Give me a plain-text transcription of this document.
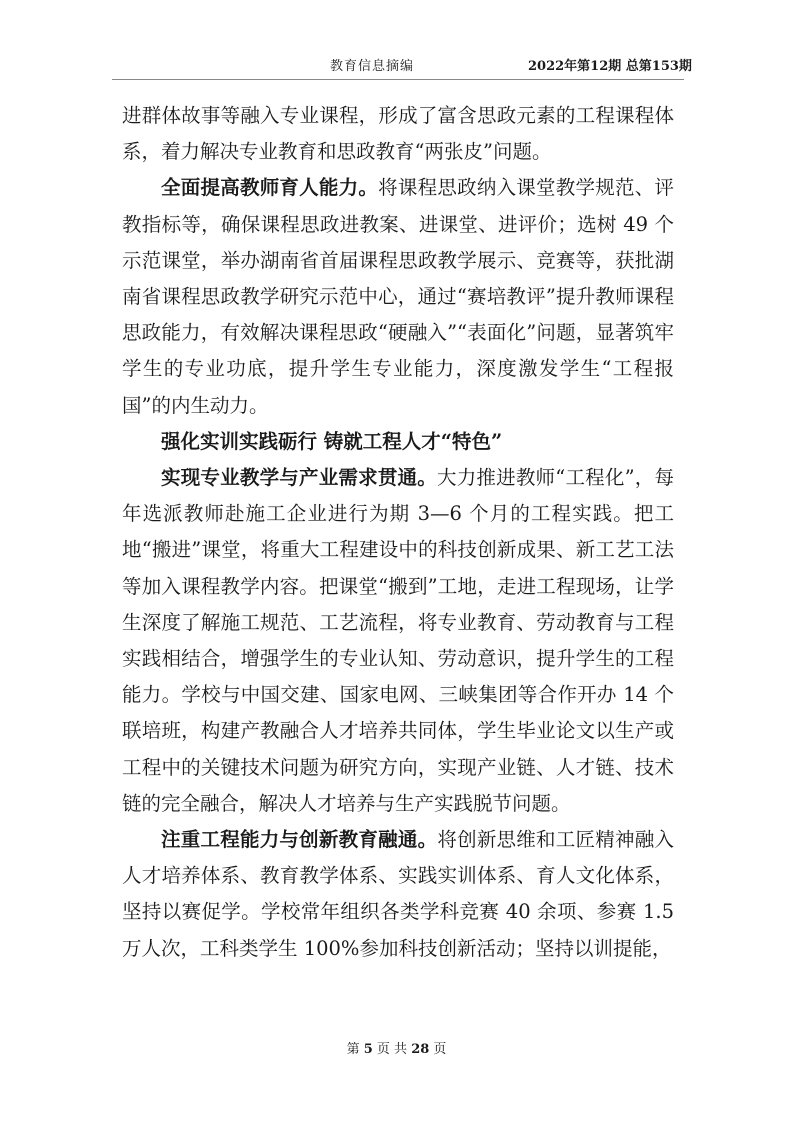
教育信息摘编	2022年第12期 总第153期

进群体故事等融入专业课程，形成了富含思政元素的工程课程体系，着力解决专业教育和思政教育“两张皮”问题。

全面提高教师育人能力。将课程思政纳入课堂教学规范、评教指标等，确保课程思政进教案、进课堂、进评价；选树 49 个示范课堂，举办湖南省首届课程思政教学展示、竞赛等，获批湖南省课程思政教学研究示范中心，通过“赛培教评”提升教师课程思政能力，有效解决课程思政“硬融入”“表面化”问题，显著筑牢学生的专业功底，提升学生专业能力，深度激发学生“工程报国”的内生动力。

强化实训实践砺行 铸就工程人才“特色”

实现专业教学与产业需求贯通。大力推进教师“工程化”，每年选派教师赴施工企业进行为期 3—6 个月的工程实践。把工地“搬进”课堂，将重大工程建设中的科技创新成果、新工艺工法等加入课程教学内容。把课堂“搬到”工地，走进工程现场，让学生深度了解施工规范、工艺流程，将专业教育、劳动教育与工程实践相结合，增强学生的专业认知、劳动意识，提升学生的工程能力。学校与中国交建、国家电网、三峡集团等合作开办 14 个联培班，构建产教融合人才培养共同体，学生毕业论文以生产或工程中的关键技术问题为研究方向，实现产业链、人才链、技术链的完全融合，解决人才培养与生产实践脱节问题。

注重工程能力与创新教育融通。将创新思维和工匠精神融入人才培养体系、教育教学体系、实践实训体系、育人文化体系，坚持以赛促学。学校常年组织各类学科竞赛 40 余项、参赛 1.5 万人次，工科类学生 100%参加科技创新活动；坚持以训提能，

第 5 页 共 28 页
